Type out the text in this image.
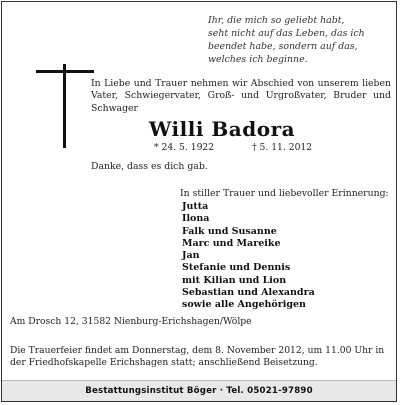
Ihr, die mich so geliebt habt,
seht nicht auf das Leben, das ich
beendet habe, sondern auf das,
welches ich beginne.
In Liebe und Trauer nehmen wir Abschied von unserem lieben Vater, Schwiegervater, Groß- und Urgroßvater, Bruder und Schwager
Willi Badora
* 24. 5. 1922	† 5. 11. 2012
Danke, dass es dich gab.
In stiller Trauer und liebevoller Erinnerung:
Jutta
Ilona
Falk und Susanne
Marc und Mareike
Jan
Stefanie und Dennis
mit Kilian und Lion
Sebastian und Alexandra
sowie alle Angehörigen
Am Drosch 12, 31582 Nienburg-Erichshagen/Wölpe
Die Trauerfeier findet am Donnerstag, dem 8. November 2012, um 11.00 Uhr in der Friedhofskapelle Erichshagen statt; anschließend Beisetzung.
Bestattungsinstitut Böger · Tel. 05021-97890
